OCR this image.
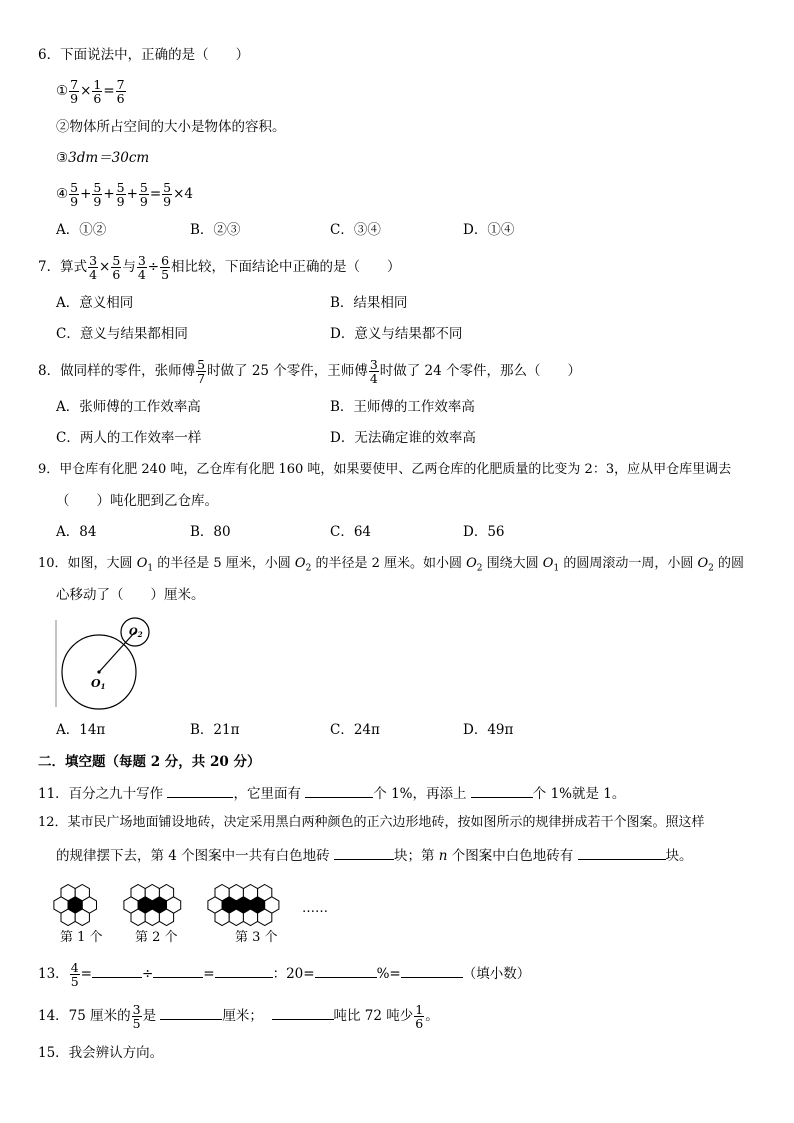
6．下面说法中，正确的是（　　）
① $\frac{7}{9} \times \frac{1}{6} = \frac{7}{6}$
②物体所占空间的大小是物体的容积。
③3dm＝30cm
④ $\frac{5}{9} + \frac{5}{9} + \frac{5}{9} + \frac{5}{9} = \frac{5}{9} \times 4$
A．①②	B．②③	C．③④	D．①④
7．算式 $\frac{3}{4} \times \frac{5}{6}$ 与 $\frac{3}{4} \div \frac{6}{5}$ 相比较，下面结论中正确的是（　　）
A．意义相同	B．结果相同
C．意义与结果都相同	D．意义与结果都不同
8．做同样的零件，张师傅 $\frac{5}{7}$ 时做了 25 个零件，王师傅 $\frac{3}{4}$ 时做了 24 个零件，那么（　　）
A．张师傅的工作效率高	B．王师傅的工作效率高
C．两人的工作效率一样	D．无法确定谁的效率高
9．甲仓库有化肥 240 吨，乙仓库有化肥 160 吨，如果要使甲、乙两仓库的化肥质量的比变为 2：3，应从甲仓库里调去
（　　）吨化肥到乙仓库。
A．84	B．80	C．64	D．56
10．如图，大圆 $O_1$ 的半径是 5 厘米，小圆 $O_2$ 的半径是 2 厘米。如小圆 $O_2$ 围绕大圆 $O_1$ 的圆周滚动一周，小圆 $O_2$ 的圆
心移动了（　　）厘米。
O1
$O_2$
A．14π	B．21π	C．24π	D．49π
二．填空题（每题 2 分，共 20 分）
11．百分之九十写作	，它里面有	个 1%，再添上	个 1%就是 1。
12．某市民广场地面铺设地砖，决定采用黑白两种颜色的正六边形地砖，按如图所示的规律拼成若干个图案。照这样
的规律摆下去，第 4 个图案中一共有白色地砖	块；第 n 个图案中白色地砖有	块。
……
第 1 个 第 2 个	第 3 个
13． $\frac{4}{5}$ =	÷	=	：20=	%=	（填小数）
14．75 厘米的 $\frac{3}{5}$ 是	厘米；	吨比 72 吨少 $\frac{1}{6}$ 。
15．我会辨认方向。
